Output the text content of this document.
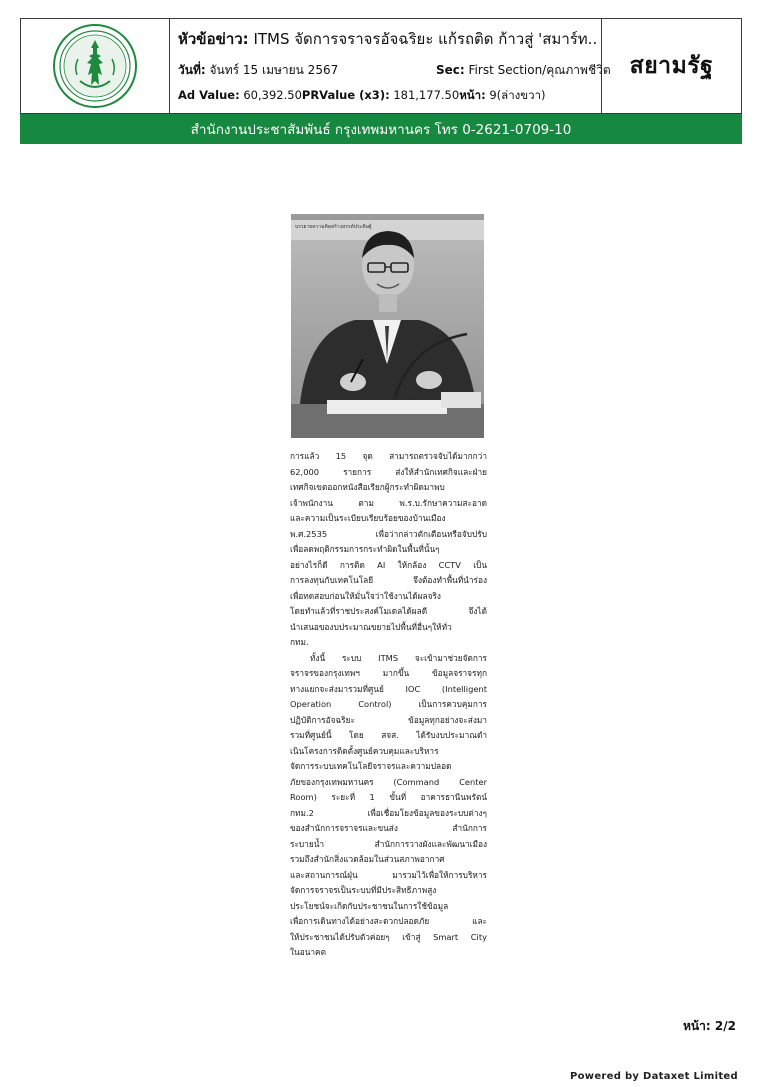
หัวข้อข่าว: ITMS จัดการจราจรอัจฉริยะ แก้รถติด ก้าวสู่ 'สมาร์ท..
วันที่: จันทร์ 15 เมษายน 2567	Sec: First Section/คุณภาพชีวิต
Ad Value: 60,392.50PRValue (x3): 181,177.50หน้า: 9(ล่างขวา)
สยามรัฐ
สำนักงานประชาสัมพันธ์ กรุงเทพมหานคร โทร 0-2621-0709-10
บรรยายความคิดสร้างสรรค์ประดิษฐ์
การแล้ว 15 จุด สามารถตรวจจับได้มากกว่า
62,000 รายการ ส่งให้สำนักเทศกิจและฝ่าย
เทศกิจเขตออกหนังสือเรียกผู้กระทำผิดมาพบ
เจ้าพนักงาน ตาม พ.ร.บ.รักษาความสะอาด
และความเป็นระเบียบเรียบร้อยของบ้านเมือง
พ.ศ.2535 เพื่อว่ากล่าวตักเตือนหรือจับปรับ
เพื่อลดพฤติกรรมการกระทำผิดในพื้นที่นั้นๆ
อย่างไรก็ดี การติด AI ให้กล้อง CCTV เป็น
การลงทุนกับเทคโนโลยี จึงต้องทำพื้นที่นำร่อง
เพื่อทดสอบก่อนให้มั่นใจว่าใช้งานได้ผลจริง
โดยทำแล้วที่ราชประสงค์โมเดลได้ผลดี จึงได้
นำเสนอของบประมาณขยายไปพื้นที่อื่นๆให้ทั่ว
กทม.
ทั้งนี้ ระบบ ITMS จะเข้ามาช่วยจัดการ
จราจรของกรุงเทพฯ มากขึ้น ข้อมูลจราจรทุก
ทางแยกจะส่งมารวมที่ศูนย์ IOC (Intelligent
Operation Control) เป็นการควบคุมการ
ปฏิบัติการอัจฉริยะ ข้อมูลทุกอย่างจะส่งมา
รวมที่ศูนย์นี้ โดย สจส. ได้รับงบประมาณดำ
เนินโครงการติดตั้งศูนย์ควบคุมและบริหาร
จัดการระบบเทคโนโลยีจราจรและความปลอด
ภัยของกรุงเทพมหานคร (Command Center
Room) ระยะที่ 1 ขั้นที่ อาคารธานีนพรัตน์
กทม.2 เพื่อเชื่อมโยงข้อมูลของระบบต่างๆ
ของสำนักการจราจรและขนส่ง สำนักการ
ระบายน้ำ สำนักการวางผังและพัฒนาเมือง
รวมถึงสำนักสิ่งแวดล้อมในส่วนสภาพอากาศ
และสถานการณ์ฝุ่น มารวมไว้เพื่อให้การบริหาร
จัดการจราจรเป็นระบบที่มีประสิทธิภาพสูง
ประโยชน์จะเกิดกับประชาชนในการใช้ข้อมูล
เพื่อการเดินทางได้อย่างสะดวกปลอดภัย และ
ให้ประชาชนได้ปรับตัวค่อยๆ เข้าสู่ Smart City
ในอนาคต
หน้า: 2/2
Powered by Dataxet Limited
